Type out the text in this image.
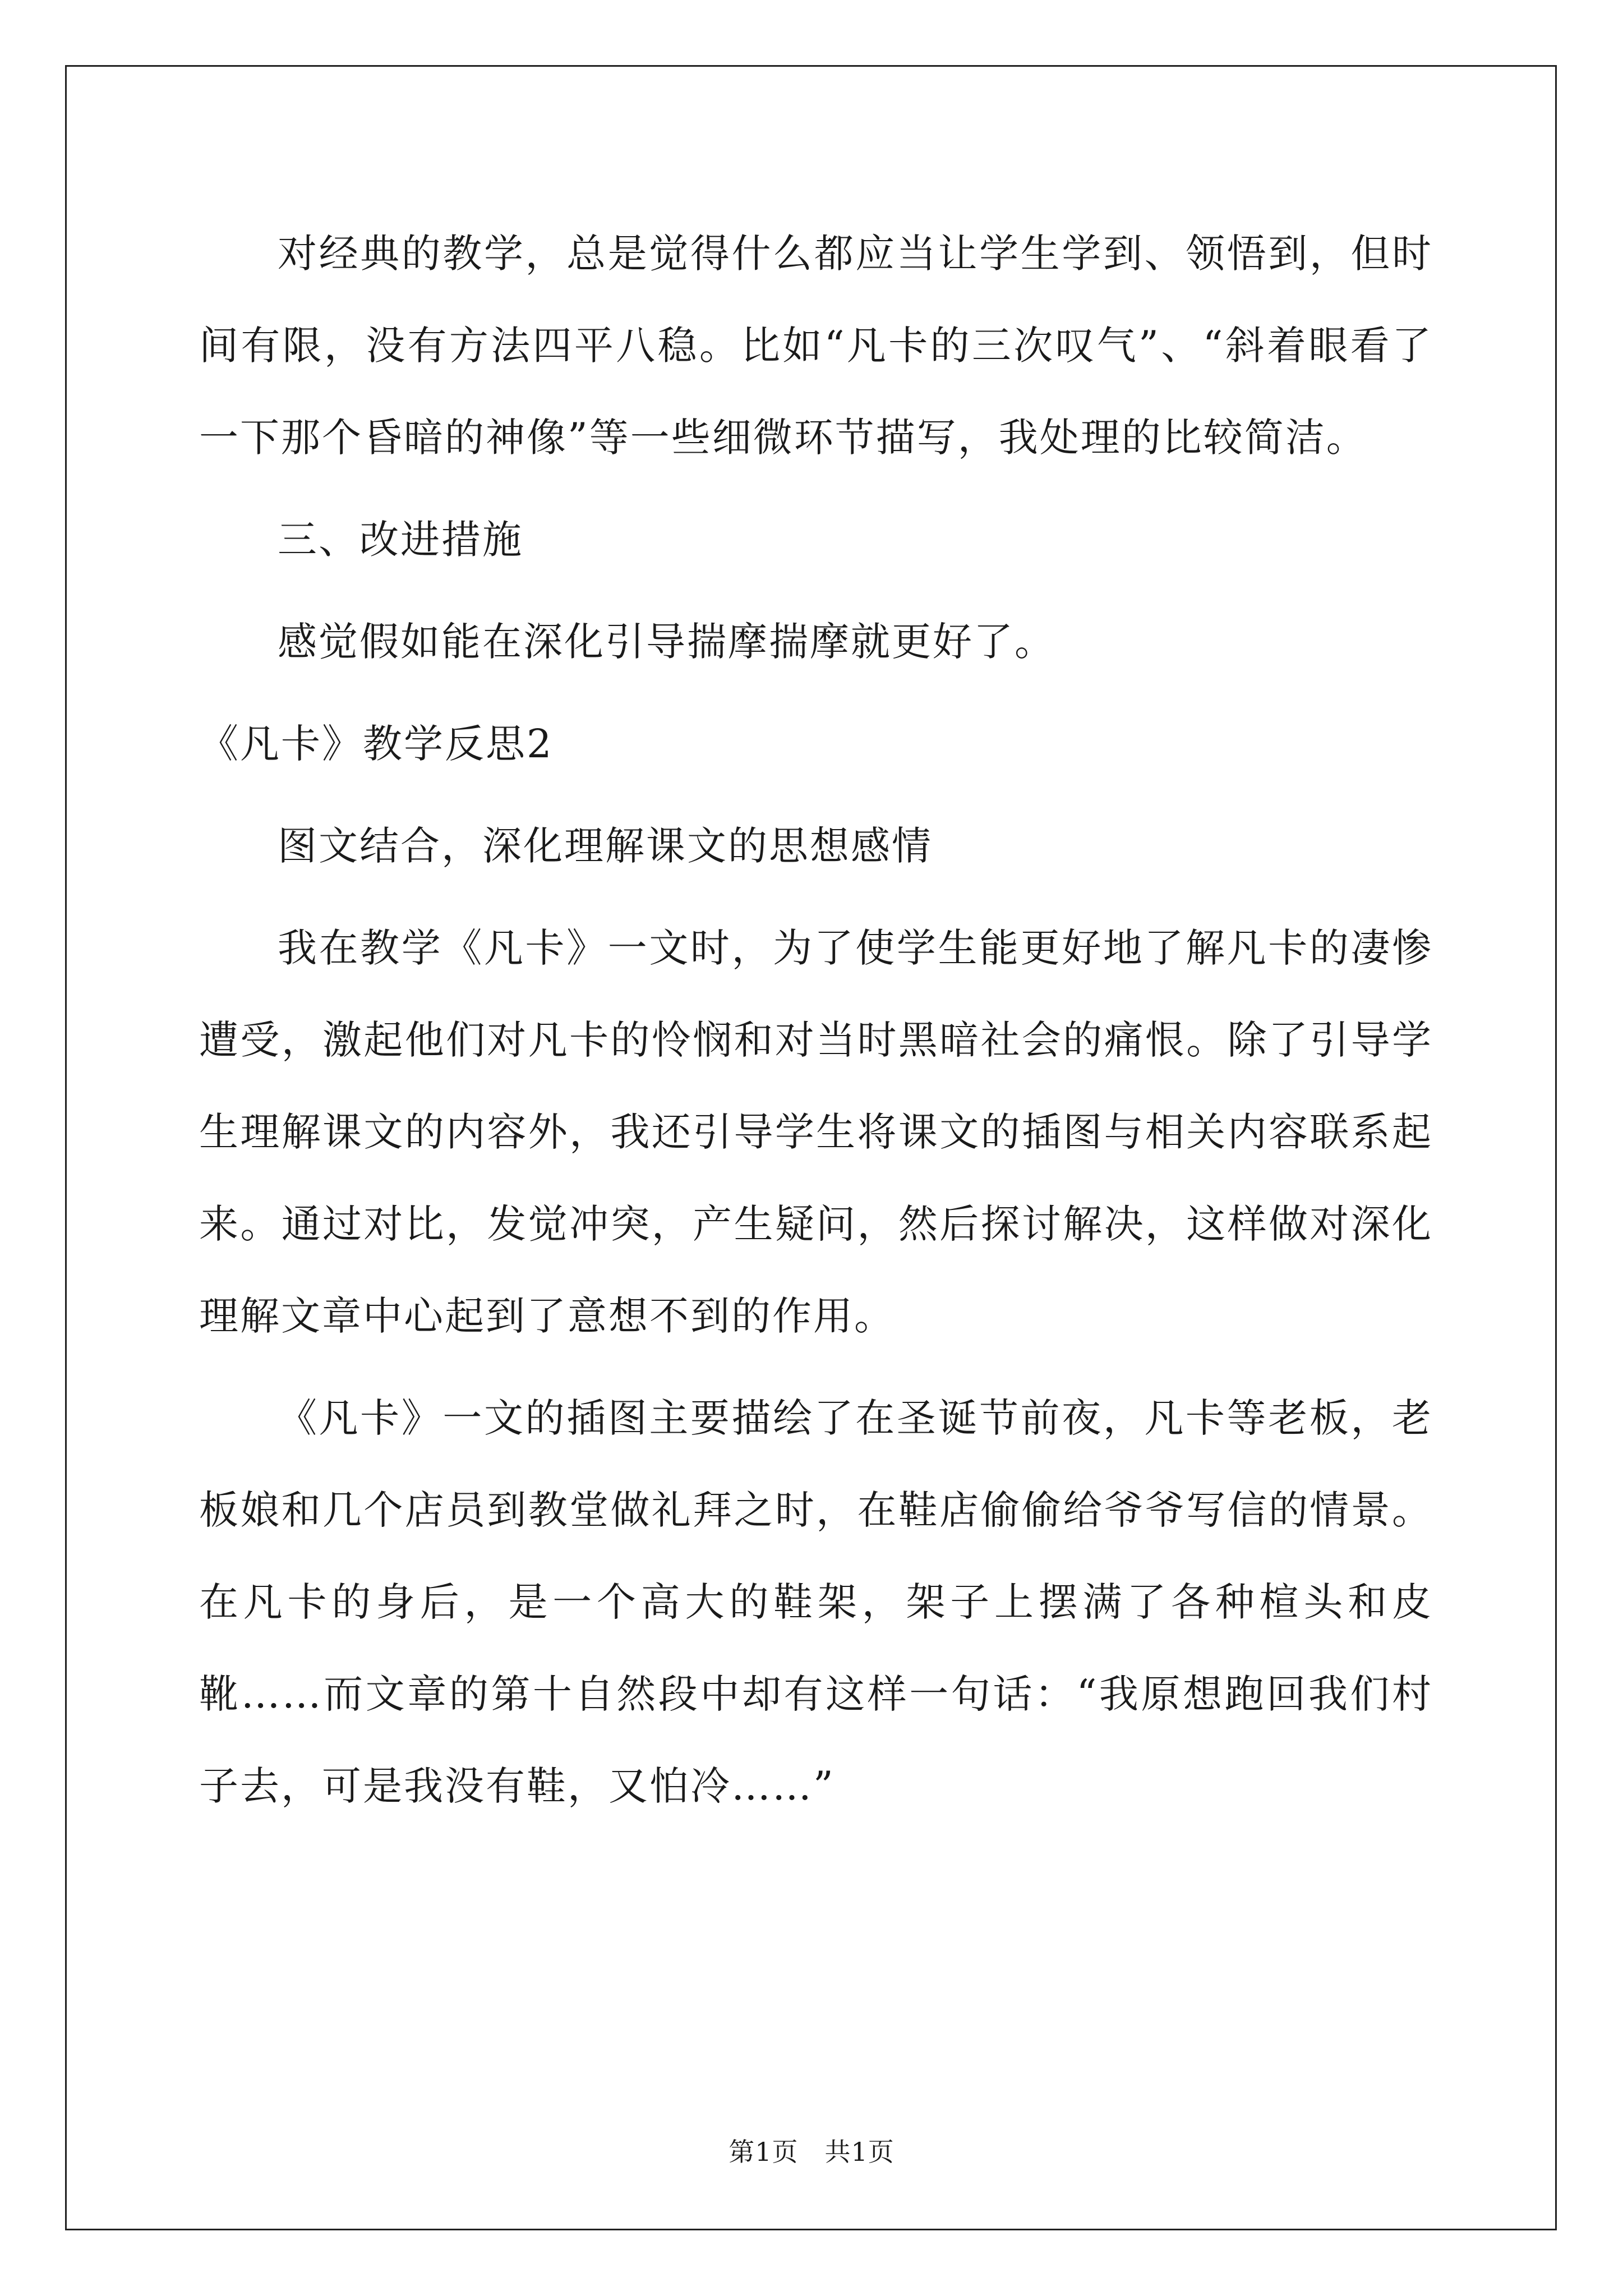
对经典的教学，总是觉得什么都应当让学生学到、领悟到，但时间有限，没有方法四平八稳。比如“凡卡的三次叹气”、“斜着眼看了一下那个昏暗的神像”等一些细微环节描写，我处理的比较简洁。

三、改进措施

感觉假如能在深化引导揣摩揣摩就更好了。

《凡卡》教学反思2

图文结合，深化理解课文的思想感情

我在教学《凡卡》一文时，为了使学生能更好地了解凡卡的凄惨遭受，激起他们对凡卡的怜悯和对当时黑暗社会的痛恨。除了引导学生理解课文的内容外，我还引导学生将课文的插图与相关内容联系起来。通过对比，发觉冲突，产生疑问，然后探讨解决，这样做对深化理解文章中心起到了意想不到的作用。

《凡卡》一文的插图主要描绘了在圣诞节前夜，凡卡等老板，老板娘和几个店员到教堂做礼拜之时，在鞋店偷偷给爷爷写信的情景。在凡卡的身后，是一个高大的鞋架，架子上摆满了各种楦头和皮靴……而文章的第十自然段中却有这样一句话：“我原想跑回我们村子去，可是我没有鞋，又怕冷……”

第1页　共1页
